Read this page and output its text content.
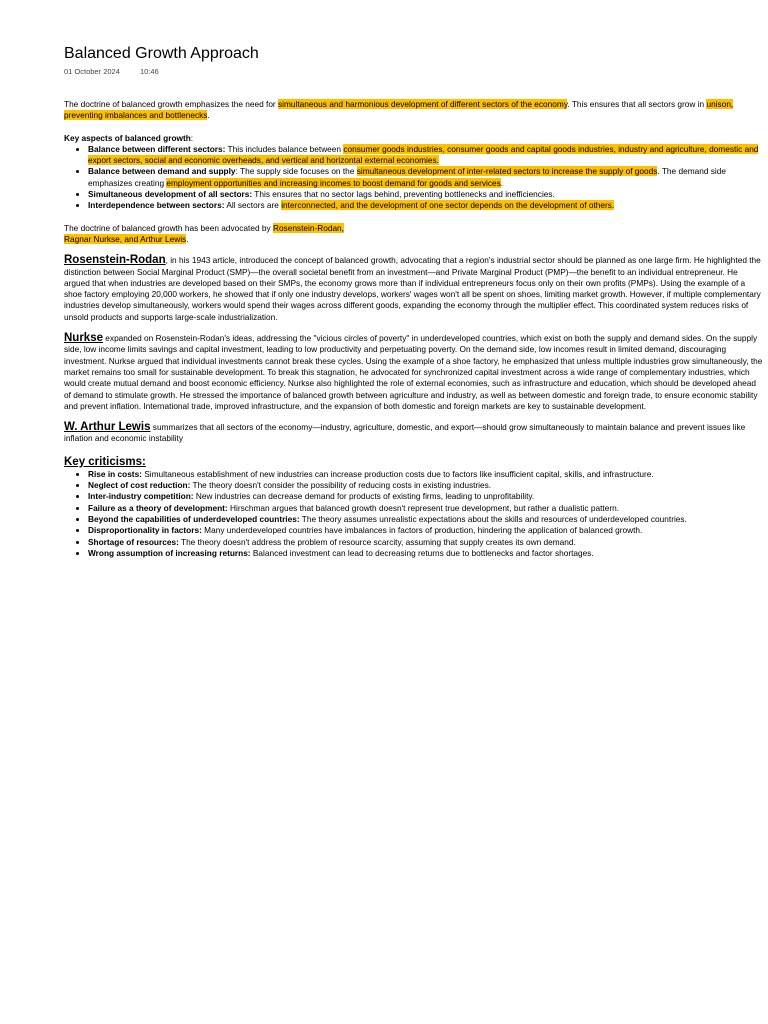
Balanced Growth Approach
01 October 2024	10:46

The doctrine of balanced growth emphasizes the need for simultaneous and harmonious development of different sectors of the economy. This ensures that all sectors grow in unison, preventing imbalances and bottlenecks.

Key aspects of balanced growth:

• Balance between different sectors: This includes balance between consumer goods industries, consumer goods and capital goods industries, industry and agriculture, domestic and export sectors, social and economic overheads, and vertical and horizontal external economies.
• Balance between demand and supply: The supply side focuses on the simultaneous development of inter-related sectors to increase the supply of goods. The demand side emphasizes creating employment opportunities and increasing incomes to boost demand for goods and services.
• Simultaneous development of all sectors: This ensures that no sector lags behind, preventing bottlenecks and inefficiencies.
• Interdependence between sectors: All sectors are interconnected, and the development of one sector depends on the development of others.

The doctrine of balanced growth has been advocated by Rosenstein-Rodan,
Ragnar Nurkse, and Arthur Lewis.

Rosenstein-Rodan, in his 1943 article, introduced the concept of balanced growth, advocating that a region's industrial sector should be planned as one large firm. He highlighted the distinction between Social Marginal Product (SMP)—the overall societal benefit from an investment—and Private Marginal Product (PMP)—the benefit to an individual entrepreneur. He argued that when industries are developed based on their SMPs, the economy grows more than if individual entrepreneurs focus only on their own profits (PMPs). Using the example of a shoe factory employing 20,000 workers, he showed that if only one industry develops, workers' wages won't all be spent on shoes, limiting market growth. However, if multiple complementary industries develop simultaneously, workers would spend their wages across different goods, expanding the economy through the multiplier effect. This coordinated system reduces risks of unsold products and supports large-scale industrialization.

Nurkse expanded on Rosenstein-Rodan's ideas, addressing the "vicious circles of poverty" in underdeveloped countries, which exist on both the supply and demand sides. On the supply side, low income limits savings and capital investment, leading to low productivity and perpetuating poverty. On the demand side, low incomes result in limited demand, discouraging investment. Nurkse argued that individual investments cannot break these cycles. Using the example of a shoe factory, he emphasized that unless multiple industries grow simultaneously, the market remains too small for sustainable development. To break this stagnation, he advocated for synchronized capital investment across a wide range of complementary industries, which would create mutual demand and boost economic efficiency. Nurkse also highlighted the role of external economies, such as infrastructure and education, which should be developed ahead of demand to stimulate growth. He stressed the importance of balanced growth between agriculture and industry, as well as between domestic and foreign trade, to ensure economic stability and prevent inflation. International trade, improved infrastructure, and the expansion of both domestic and foreign markets are key to sustainable development.

W. Arthur Lewis summarizes that all sectors of the economy—industry, agriculture, domestic, and export—should grow simultaneously to maintain balance and prevent issues like inflation and economic instability

Key criticisms:

• Rise in costs: Simultaneous establishment of new industries can increase production costs due to factors like insufficient capital, skills, and infrastructure.
• Neglect of cost reduction: The theory doesn't consider the possibility of reducing costs in existing industries.
• Inter-industry competition: New industries can decrease demand for products of existing firms, leading to unprofitability.
• Failure as a theory of development: Hirschman argues that balanced growth doesn't represent true development, but rather a dualistic pattern.
• Beyond the capabilities of underdeveloped countries: The theory assumes unrealistic expectations about the skills and resources of underdeveloped countries.
• Disproportionality in factors: Many underdeveloped countries have imbalances in factors of production, hindering the application of balanced growth.
• Shortage of resources: The theory doesn't address the problem of resource scarcity, assuming that supply creates its own demand.
• Wrong assumption of increasing returns: Balanced investment can lead to decreasing returns due to bottlenecks and factor shortages.
